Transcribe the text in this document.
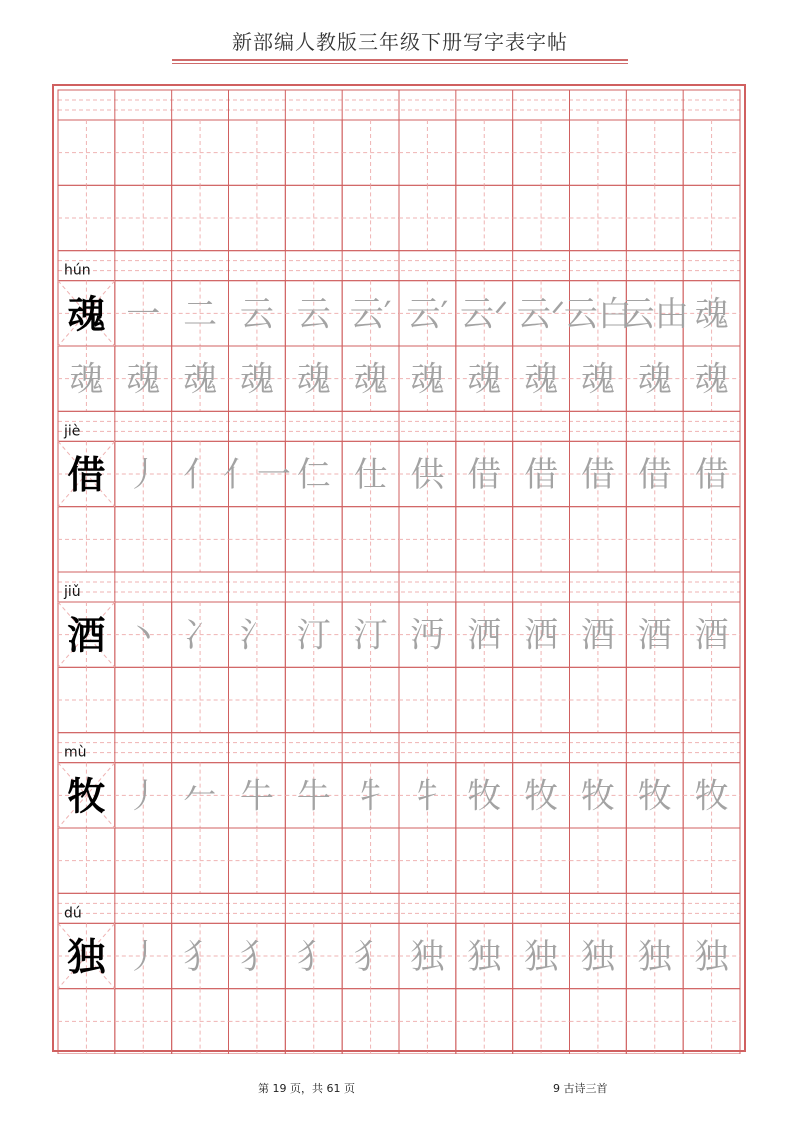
新部编人教版三年级下册写字表字帖
hún
魂 一 二 云 云 云′ 云′ 云ᐟ 云ᐟ
云白
云由 魂
魂 魂 魂 魂 魂 魂 魂 魂 魂 魂 魂 魂
jiè
借 丿 亻 亻一 仁 仕 供 借 借 借 借 借
jiǔ
酒 丶 冫 氵 汀 汀 沔 洒 洒 酒 酒 酒
mù
牧 丿 𠂉 牛 牛 牜 牜 牧 牧 牧 牧 牧
dú
独 丿 犭 犭 犭 犭 独 独 独 独 独 独
第 19 页，共 61 页	9 古诗三首
